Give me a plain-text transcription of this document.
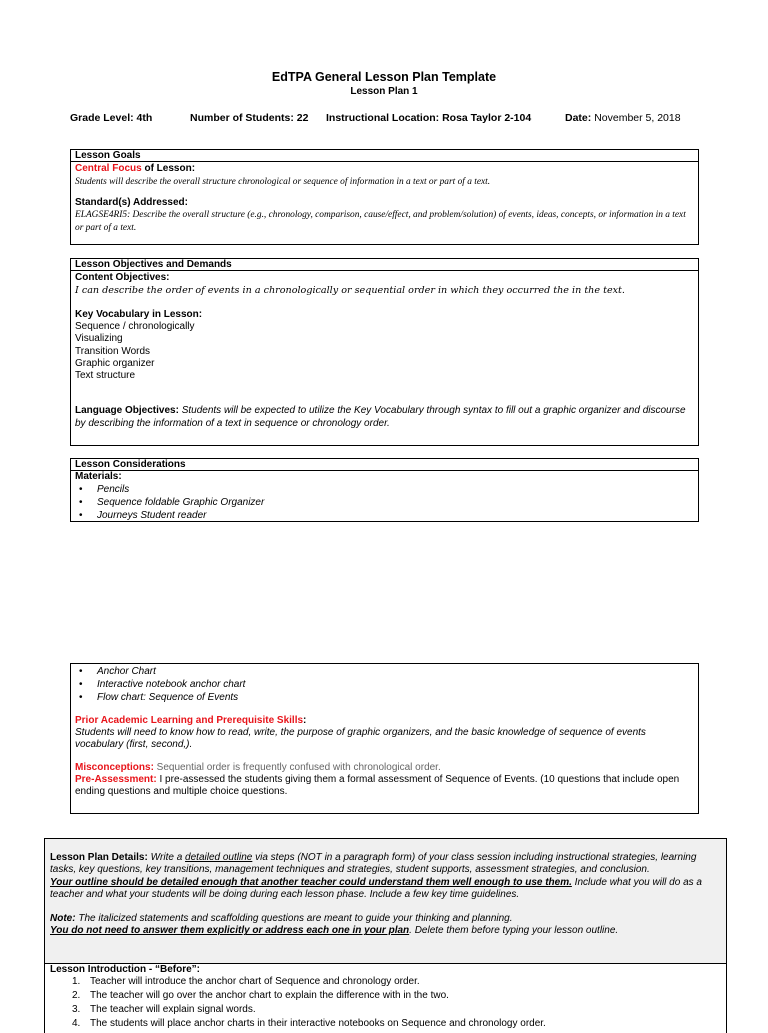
EdTPA General Lesson Plan Template
Lesson Plan 1
Grade Level: 4th	Number of Students: 22 Instructional Location: Rosa Taylor 2-104	Date: November 5, 2018
Lesson Goals
Central Focus of Lesson:
Students will describe the overall structure chronological or sequence of information in a text or part of a text.
Standard(s) Addressed:
ELAGSE4RI5: Describe the overall structure (e.g., chronology, comparison, cause/effect, and problem/solution) of events, ideas, concepts, or information in a text or part of a text.
Lesson Objectives and Demands
Content Objectives:
I can describe the order of events in a chronologically or sequential order in which they occurred the in the text.
Key Vocabulary in Lesson:
Sequence / chronologically
Visualizing
Transition Words
Graphic organizer
Text structure
Language Objectives: Students will be expected to utilize the Key Vocabulary through syntax to fill out a graphic organizer and discourse by describing the information of a text in sequence or chronology order.
Lesson Considerations
Materials:
• Pencils
• Sequence foldable Graphic Organizer
• Journeys Student reader
• Anchor Chart
• Interactive notebook anchor chart
• Flow chart: Sequence of Events
Prior Academic Learning and Prerequisite Skills:
Students will need to know how to read, write, the purpose of graphic organizers, and the basic knowledge of sequence of events vocabulary (first, second,).
Misconceptions: Sequential order is frequently confused with chronological order.
Pre-Assessment: I pre-assessed the students giving them a formal assessment of Sequence of Events. (10 questions that include open ending questions and multiple choice questions.
Lesson Plan Details: Write a detailed outline via steps (NOT in a paragraph form) of your class session including instructional strategies, learning tasks, key questions, key transitions, management techniques and strategies, student supports, assessment strategies, and conclusion.
Your outline should be detailed enough that another teacher could understand them well enough to use them. Include what you will do as a teacher and what your students will be doing during each lesson phase. Include a few key time guidelines.
Note: The italicized statements and scaffolding questions are meant to guide your thinking and planning.
You do not need to answer them explicitly or address each one in your plan. Delete them before typing your lesson outline.
Lesson Introduction - “Before”:
1. Teacher will introduce the anchor chart of Sequence and chronology order.
2. The teacher will go over the anchor chart to explain the difference with in the two.
3. The teacher will explain signal words.
4. The students will place anchor charts in their interactive notebooks on Sequence and chronology order.
